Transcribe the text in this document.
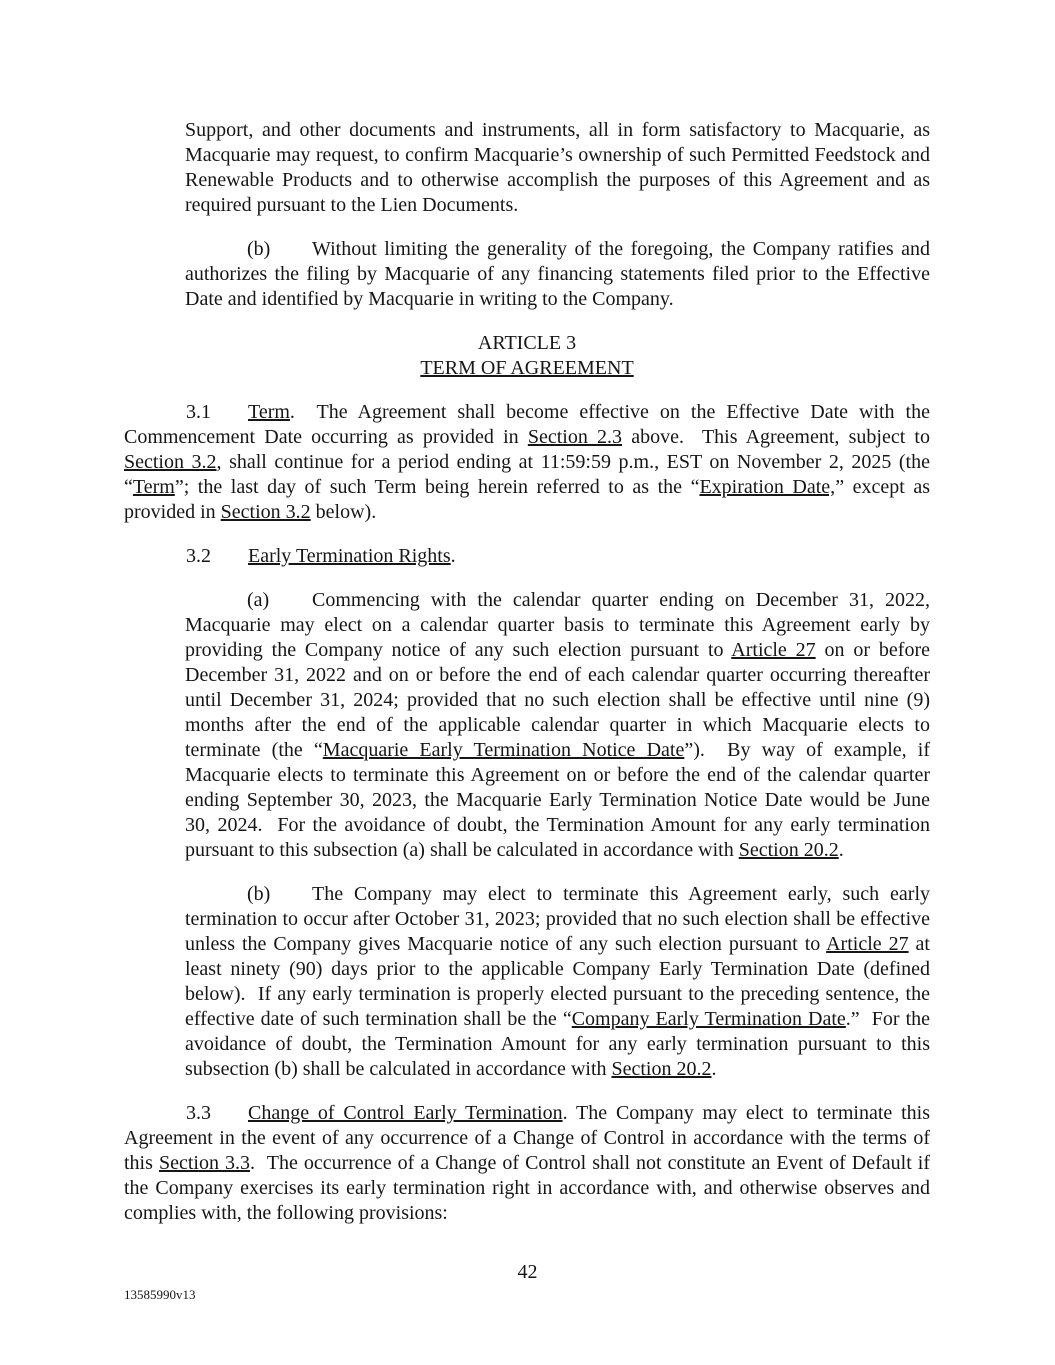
Support, and other documents and instruments, all in form satisfactory to Macquarie, as Macquarie may request, to confirm Macquarie’s ownership of such Permitted Feedstock and Renewable Products and to otherwise accomplish the purposes of this Agreement and as required pursuant to the Lien Documents.

(b) Without limiting the generality of the foregoing, the Company ratifies and authorizes the filing by Macquarie of any financing statements filed prior to the Effective Date and identified by Macquarie in writing to the Company.

ARTICLE 3

TERM OF AGREEMENT

3.1 Term.  The Agreement shall become effective on the Effective Date with the Commencement Date occurring as provided in Section 2.3 above.  This Agreement, subject to Section 3.2, shall continue for a period ending at 11:59:59 p.m., EST on November 2, 2025 (the “Term”; the last day of such Term being herein referred to as the “Expiration Date,” except as provided in Section 3.2 below).

3.2 Early Termination Rights.

(a) Commencing with the calendar quarter ending on December 31, 2022, Macquarie may elect on a calendar quarter basis to terminate this Agreement early by providing the Company notice of any such election pursuant to Article 27 on or before December 31, 2022 and on or before the end of each calendar quarter occurring thereafter until December 31, 2024; provided that no such election shall be effective until nine (9) months after the end of the applicable calendar quarter in which Macquarie elects to terminate (the “Macquarie Early Termination Notice Date”).  By way of example, if Macquarie elects to terminate this Agreement on or before the end of the calendar quarter ending September 30, 2023, the Macquarie Early Termination Notice Date would be June 30, 2024.  For the avoidance of doubt, the Termination Amount for any early termination pursuant to this subsection (a) shall be calculated in accordance with Section 20.2.

(b) The Company may elect to terminate this Agreement early, such early termination to occur after October 31, 2023; provided that no such election shall be effective unless the Company gives Macquarie notice of any such election pursuant to Article 27 at least ninety (90) days prior to the applicable Company Early Termination Date (defined below).  If any early termination is properly elected pursuant to the preceding sentence, the effective date of such termination shall be the “Company Early Termination Date.”  For the avoidance of doubt, the Termination Amount for any early termination pursuant to this subsection (b) shall be calculated in accordance with Section 20.2.

3.3 Change of Control Early Termination. The Company may elect to terminate this Agreement in the event of any occurrence of a Change of Control in accordance with the terms of this Section 3.3.  The occurrence of a Change of Control shall not constitute an Event of Default if the Company exercises its early termination right in accordance with, and otherwise observes and complies with, the following provisions:

42
13585990v13
